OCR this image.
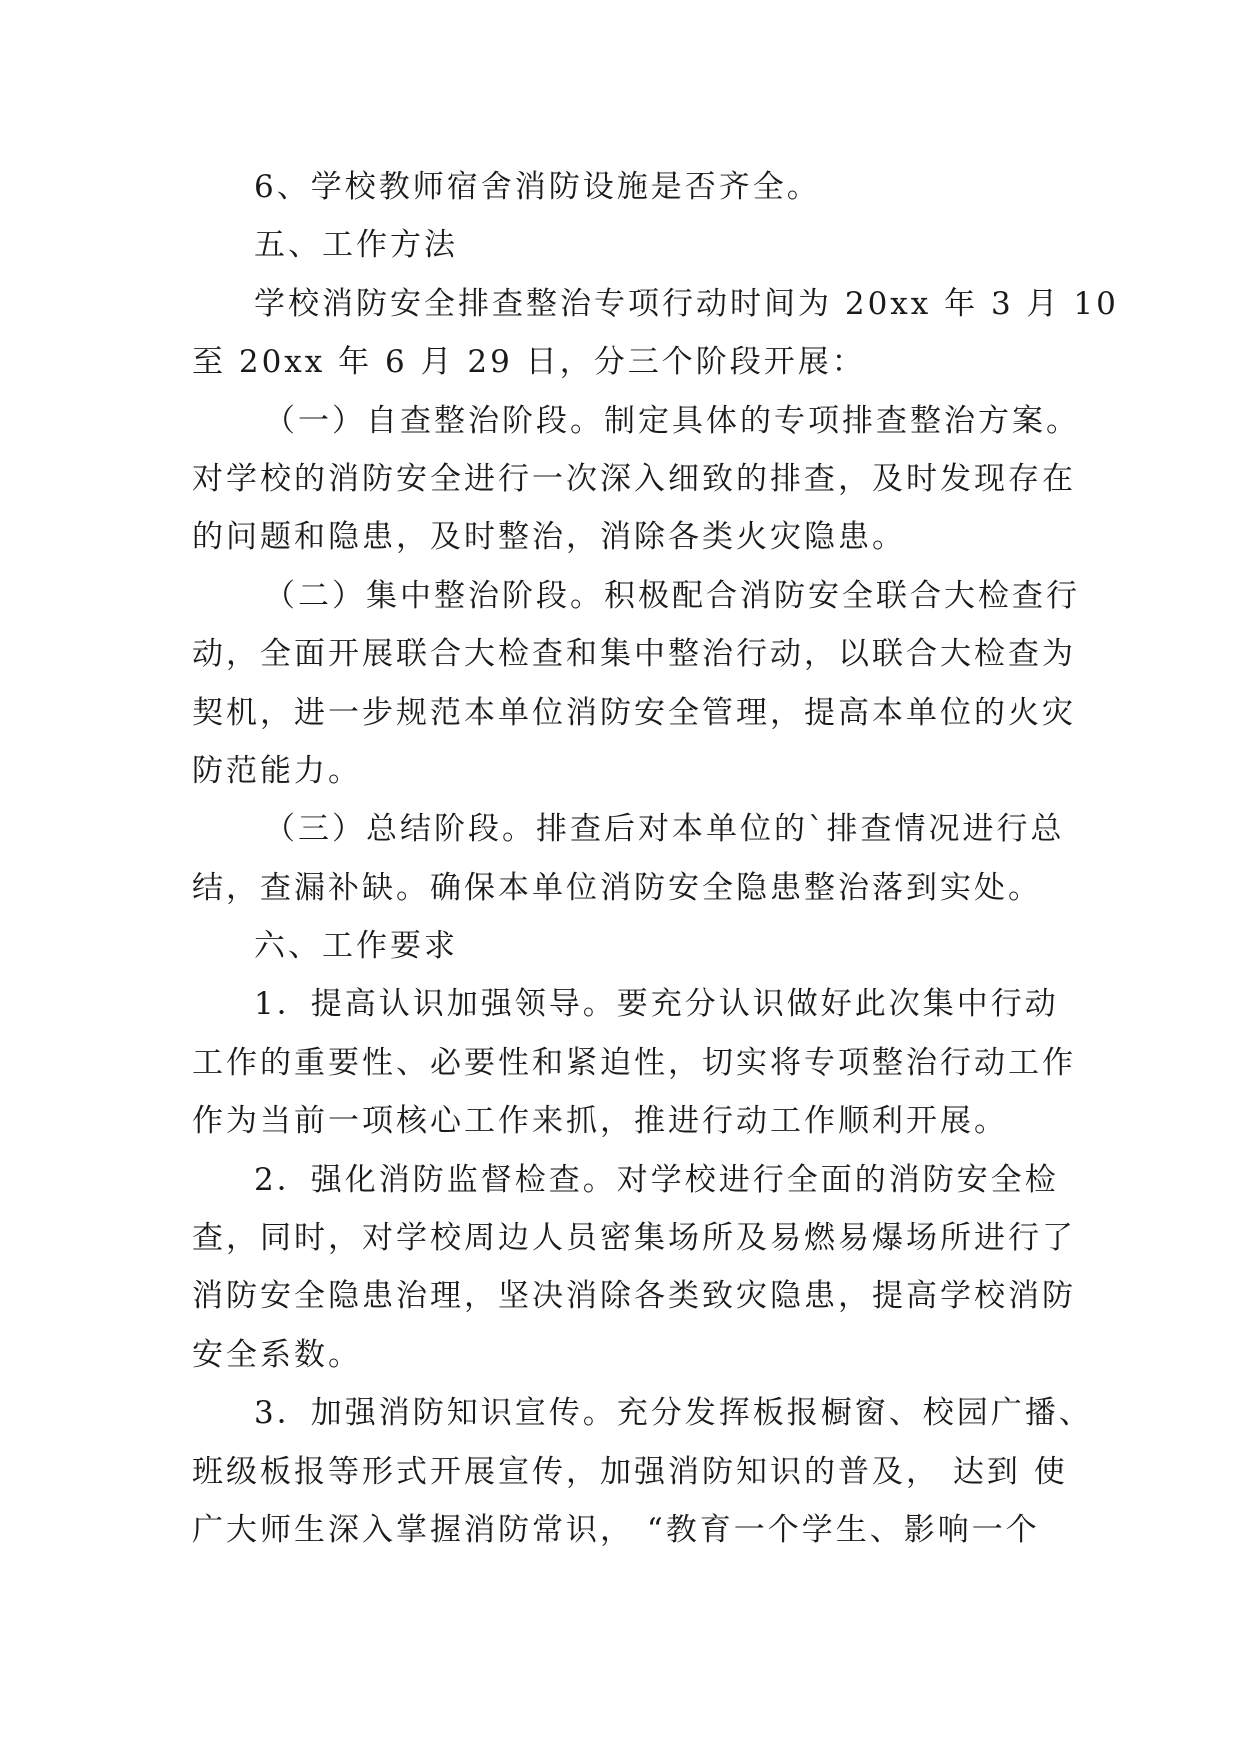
6、学校教师宿舍消防设施是否齐全。

五、工作方法

学校消防安全排查整治专项行动时间为 20xx 年 3 月 10

至 20xx 年 6 月 29 日，分三个阶段开展：

（一）自查整治阶段。制定具体的专项排查整治方案。

对学校的消防安全进行一次深入细致的排查，及时发现存在

的问题和隐患，及时整治，消除各类火灾隐患。

（二）集中整治阶段。积极配合消防安全联合大检查行

动，全面开展联合大检查和集中整治行动，以联合大检查为

契机，进一步规范本单位消防安全管理，提高本单位的火灾

防范能力。

（三）总结阶段。排查后对本单位的`排查情况进行总

结，查漏补缺。确保本单位消防安全隐患整治落到实处。

六、工作要求

1．提高认识加强领导。要充分认识做好此次集中行动

工作的重要性、必要性和紧迫性，切实将专项整治行动工作

作为当前一项核心工作来抓，推进行动工作顺利开展。

2．强化消防监督检查。对学校进行全面的消防安全检

查，同时，对学校周边人员密集场所及易燃易爆场所进行了

消防安全隐患治理，坚决消除各类致灾隐患，提高学校消防

安全系数。

3．加强消防知识宣传。充分发挥板报橱窗、校园广播、

班级板报等形式开展宣传，加强消防知识的普及， 达到 使

广大师生深入掌握消防常识， “教育一个学生、影响一个
